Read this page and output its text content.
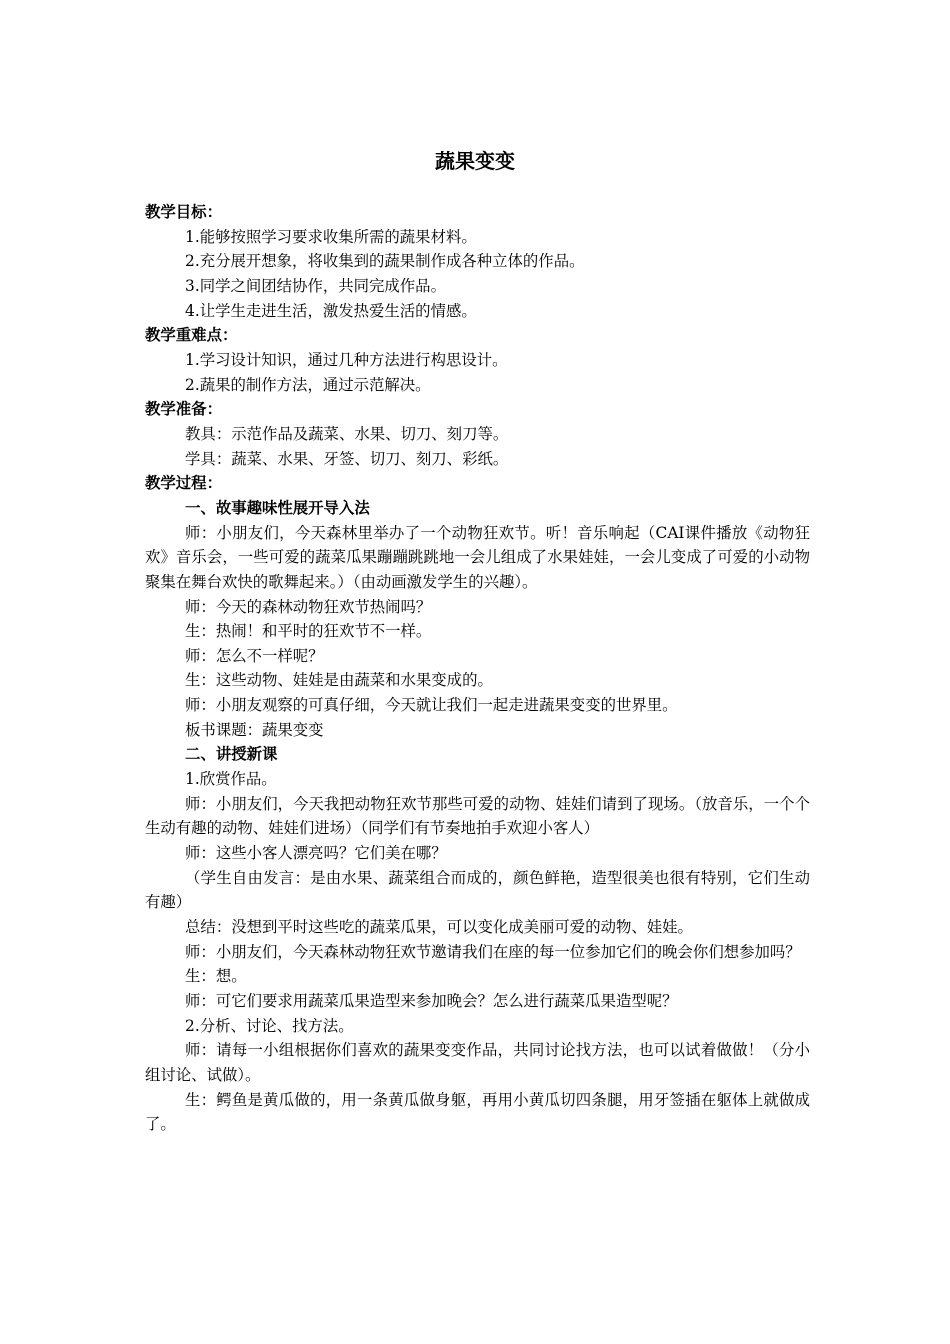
蔬果变变

教学目标：

1.能够按照学习要求收集所需的蔬果材料。

2.充分展开想象，将收集到的蔬果制作成各种立体的作品。

3.同学之间团结协作，共同完成作品。

4.让学生走进生活，激发热爱生活的情感。

教学重难点：

1.学习设计知识，通过几种方法进行构思设计。

2.蔬果的制作方法，通过示范解决。

教学准备：

教具：示范作品及蔬菜、水果、切刀、刻刀等。

学具：蔬菜、水果、牙签、切刀、刻刀、彩纸。

教学过程：

一、故事趣味性展开导入法

师：小朋友们，今天森林里举办了一个动物狂欢节。听！音乐响起（CAI课件播放《动物狂欢》音乐会，一些可爱的蔬菜瓜果蹦蹦跳跳地一会儿组成了水果娃娃，一会儿变成了可爱的小动物聚集在舞台欢快的歌舞起来。）（由动画激发学生的兴趣）。

师：今天的森林动物狂欢节热闹吗？

生：热闹！和平时的狂欢节不一样。

师：怎么不一样呢？

生：这些动物、娃娃是由蔬菜和水果变成的。

师：小朋友观察的可真仔细，今天就让我们一起走进蔬果变变的世界里。

板书课题：蔬果变变

二、讲授新课

1.欣赏作品。

师：小朋友们，今天我把动物狂欢节那些可爱的动物、娃娃们请到了现场。（放音乐，一个个生动有趣的动物、娃娃们进场）（同学们有节奏地拍手欢迎小客人）

师：这些小客人漂亮吗？它们美在哪？

（学生自由发言：是由水果、蔬菜组合而成的，颜色鲜艳，造型很美也很有特别，它们生动有趣）

总结：没想到平时这些吃的蔬菜瓜果，可以变化成美丽可爱的动物、娃娃。

师：小朋友们，今天森林动物狂欢节邀请我们在座的每一位参加它们的晚会你们想参加吗？

生：想。

师：可它们要求用蔬菜瓜果造型来参加晚会？怎么进行蔬菜瓜果造型呢？

2.分析、讨论、找方法。

师：请每一小组根据你们喜欢的蔬果变变作品，共同讨论找方法，也可以试着做做！（分小组讨论、试做）。

生：鳄鱼是黄瓜做的，用一条黄瓜做身躯，再用小黄瓜切四条腿，用牙签插在躯体上就做成了。
